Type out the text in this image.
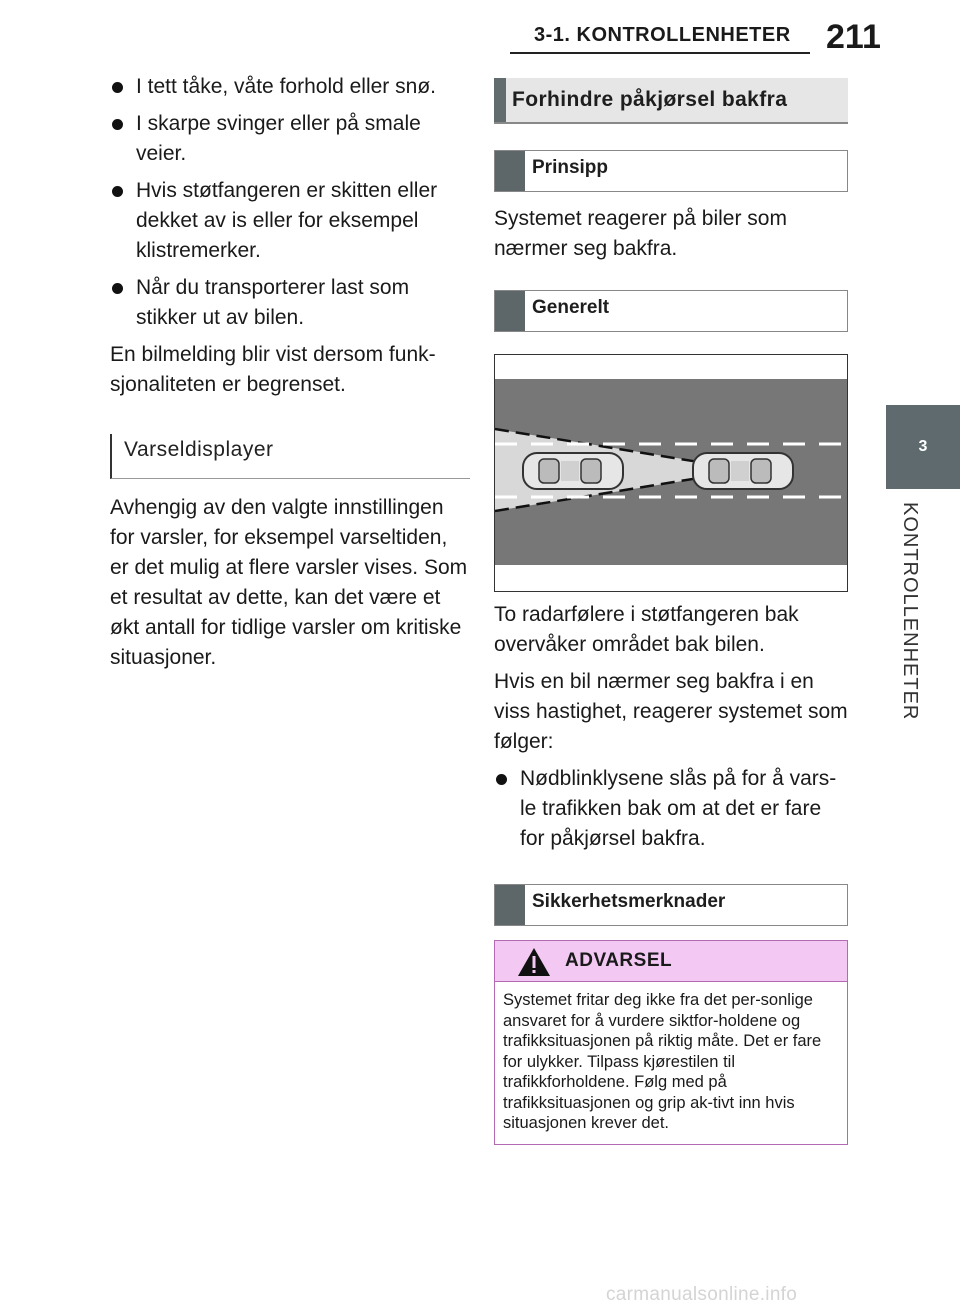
3-1. KONTROLLENHETER 211
3
KONTROLLENHETER
I tett tåke, våte forhold eller snø.
I skarpe svinger eller på smale veier.
Hvis støtfangeren er skitten eller dekket av is eller for eksempel klistremerker.
Når du transporterer last som stikker ut av bilen.
En bilmelding blir vist dersom funk-sjonaliteten er begrenset.
Varseldisplayer
Avhengig av den valgte innstillingen for varsler, for eksempel varseltiden, er det mulig at flere varsler vises. Som et resultat av dette, kan det være et økt antall for tidlige varsler om kritiske situasjoner.
Forhindre påkjørsel bakfra
Prinsipp
Systemet reagerer på biler som nærmer seg bakfra.
Generelt
To radarfølere i støtfangeren bak overvåker området bak bilen.
Hvis en bil nærmer seg bakfra i en viss hastighet, reagerer systemet som følger:
Nødblinklysene slås på for å vars-le trafikken bak om at det er fare for påkjørsel bakfra.
Sikkerhetsmerknader
ADVARSEL
Systemet fritar deg ikke fra det per-sonlige ansvaret for å vurdere siktfor-holdene og trafikksituasjonen på riktig måte. Det er fare for ulykker. Tilpass kjørestilen til trafikkforholdene. Følg med på trafikksituasjonen og grip ak-tivt inn hvis situasjonen krever det.
carmanualsonline.info
